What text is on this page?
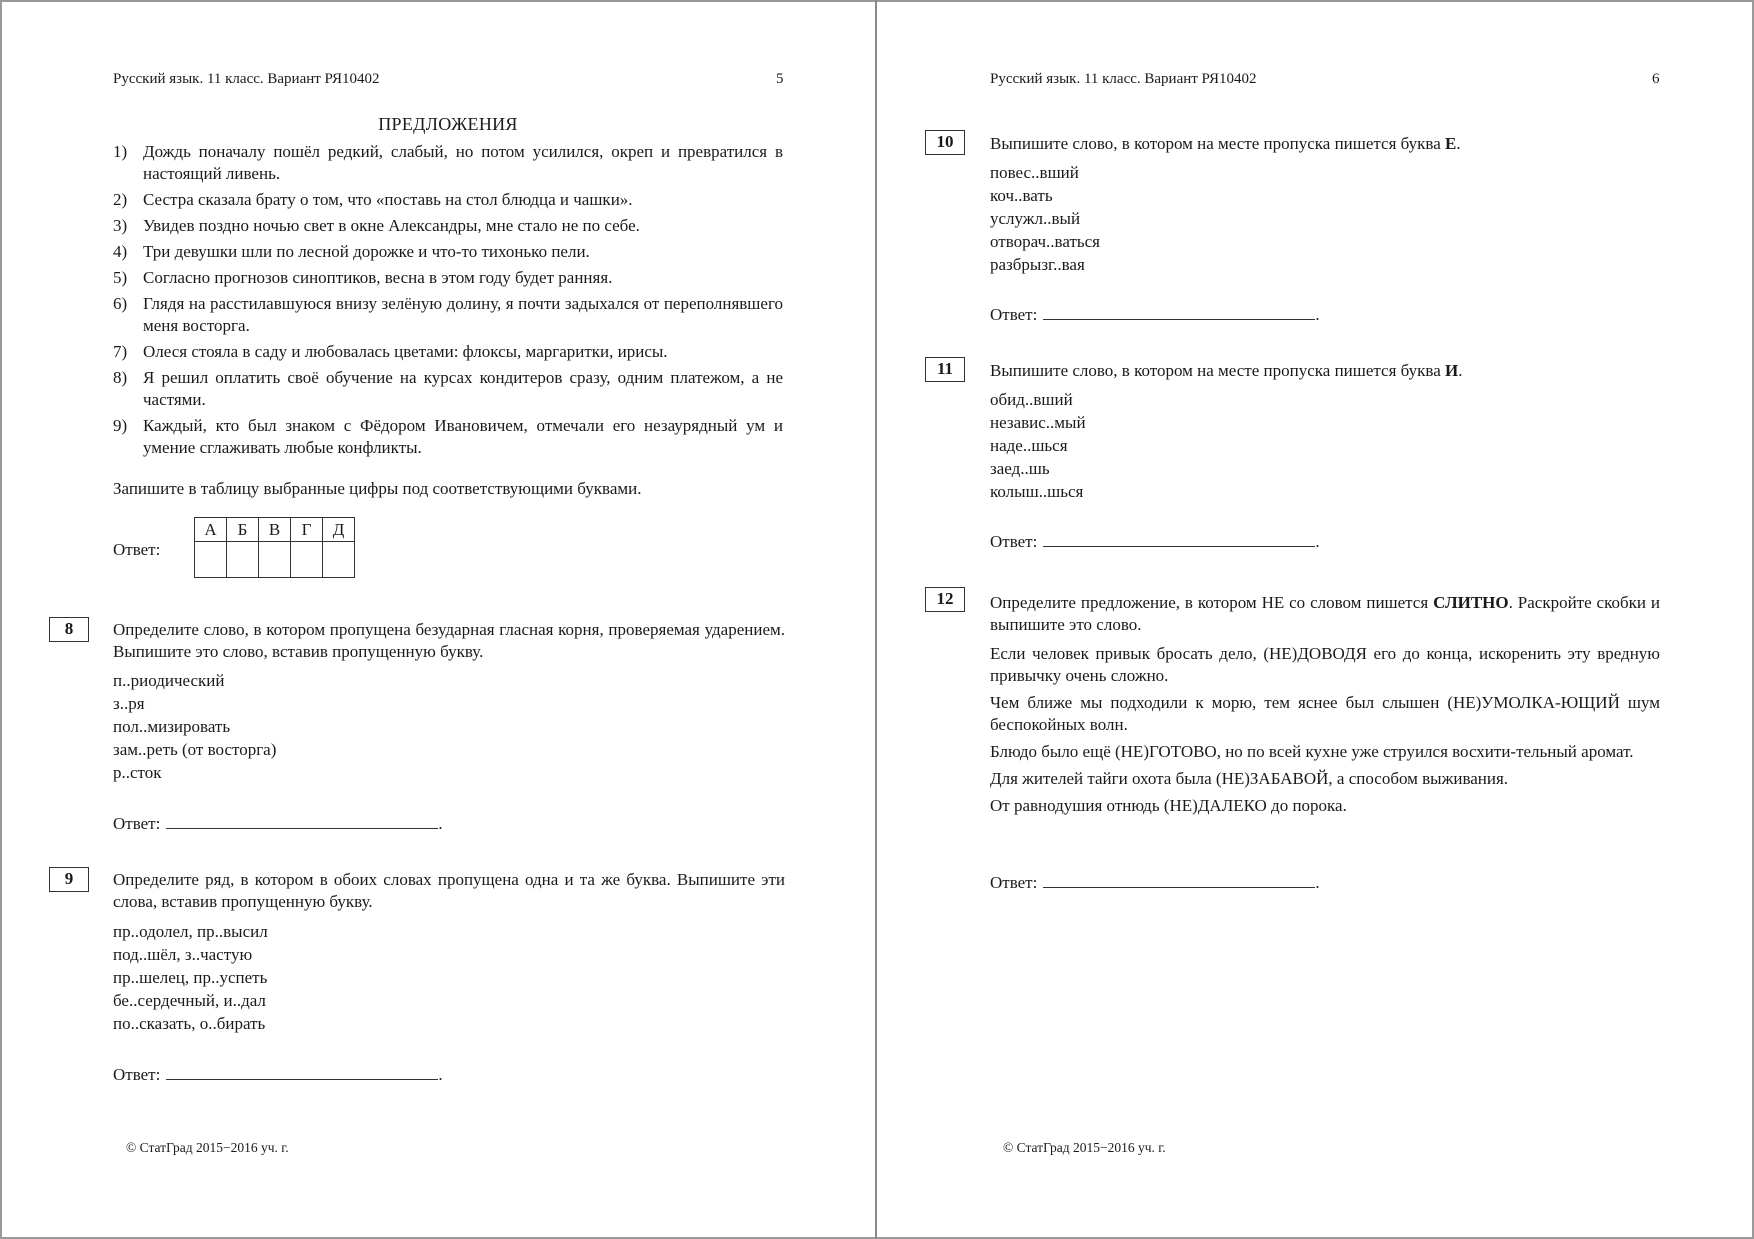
Русский язык. 11 класс. Вариант РЯ10402	5
ПРЕДЛОЖЕНИЯ
1) Дождь поначалу пошёл редкий, слабый, но потом усилился, окреп и превратился в настоящий ливень.
2) Сестра сказала брату о том, что «поставь на стол блюдца и чашки».
3) Увидев поздно ночью свет в окне Александры, мне стало не по себе.
4) Три девушки шли по лесной дорожке и что-то тихонько пели.
5) Согласно прогнозов синоптиков, весна в этом году будет ранняя.
6) Глядя на расстилавшуюся внизу зелёную долину, я почти задыхался от переполнявшего меня восторга.
7) Олеся стояла в саду и любовалась цветами: флоксы, маргаритки, ирисы.
8) Я решил оплатить своё обучение на курсах кондитеров сразу, одним платежом, а не частями.
9) Каждый, кто был знаком с Фёдором Ивановичем, отмечали его незаурядный ум и умение сглаживать любые конфликты.

Запишите в таблицу выбранные цифры под соответствующими буквами.

Ответ:
А	Б	В	Г	Д

8	Определите слово, в котором пропущена безударная гласная корня, проверяемая ударением. Выпишите это слово, вставив пропущенную букву.

п..риодический
з..ря
пол..мизировать
зам..реть (от восторга)
р..сток
Ответ:	.
9	Определите ряд, в котором в обоих словах пропущена одна и та же буква. Выпишите эти слова, вставив пропущенную букву.

пр..одолел, пр..высил
под..шёл, з..частую
пр..шелец, пр..успеть
бе..сердечный, и..дал
по..сказать, о..бирать
Ответ:	.
© СтатГрад 2015−2016 уч. г.
Русский язык. 11 класс. Вариант РЯ10402	6
10	Выпишите слово, в котором на месте пропуска пишется буква Е.

повес..вший
коч..вать
услужл..вый
отворач..ваться
разбрызг..вая
Ответ:	.
11	Выпишите слово, в котором на месте пропуска пишется буква И.

обид..вший
независ..мый
наде..шься
заед..шь
колыш..шься
Ответ:	.
12	Определите предложение, в котором НЕ со словом пишется СЛИТНО. Раскройте скобки и выпишите это слово.

Если человек привык бросать дело, (НЕ)ДОВОДЯ его до конца, искоренить эту вредную привычку очень сложно.

Чем ближе мы подходили к морю, тем яснее был слышен (НЕ)УМОЛКА-ЮЩИЙ шум беспокойных волн.

Блюдо было ещё (НЕ)ГОТОВО, но по всей кухне уже струился восхити-тельный аромат.

Для жителей тайги охота была (НЕ)ЗАБАВОЙ, а способом выживания.

От равнодушия отнюдь (НЕ)ДАЛЕКО до порока.

Ответ:	.
© СтатГрад 2015−2016 уч. г.
